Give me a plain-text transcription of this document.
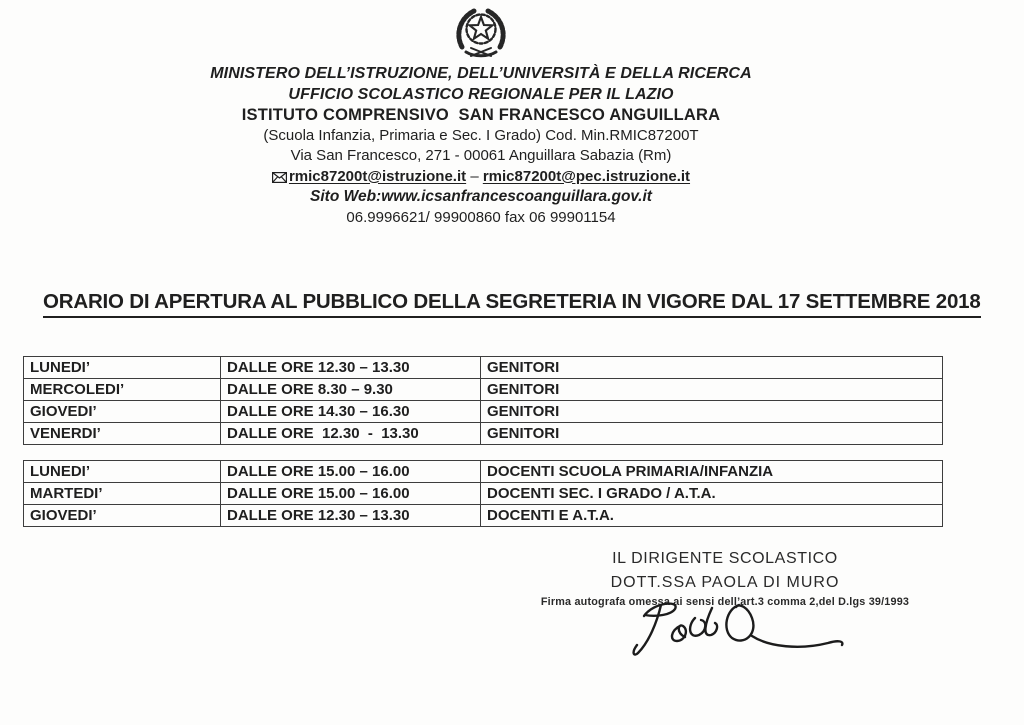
MINISTERO DELL’ISTRUZIONE, DELL’UNIVERSITÀ E DELLA RICERCA
UFFICIO SCOLASTICO REGIONALE PER IL LAZIO
ISTITUTO COMPRENSIVO  SAN FRANCESCO ANGUILLARA
(Scuola Infanzia, Primaria e Sec. I Grado) Cod. Min.RMIC87200T
Via San Francesco, 271 - 00061 Anguillara Sabazia (Rm)
rmic87200t@istruzione.it – rmic87200t@pec.istruzione.it
Sito Web:www.icsanfrancescoanguillara.gov.it
06.9996621/ 99900860 fax 06 99901154
ORARIO DI APERTURA AL PUBBLICO DELLA SEGRETERIA IN VIGORE DAL 17 SETTEMBRE 2018
LUNEDI’	DALLE ORE 12.30 – 13.30	GENITORI
MERCOLEDI’	DALLE ORE 8.30 – 9.30	GENITORI
GIOVEDI’	DALLE ORE 14.30 – 16.30	GENITORI
VENERDI’	DALLE ORE  12.30  -  13.30	GENITORI
LUNEDI’	DALLE ORE 15.00 – 16.00	DOCENTI SCUOLA PRIMARIA/INFANZIA
MARTEDI’	DALLE ORE 15.00 – 16.00	DOCENTI SEC. I GRADO / A.T.A.
GIOVEDI’	DALLE ORE 12.30 – 13.30	DOCENTI E A.T.A.
IL DIRIGENTE SCOLASTICO
DOTT.SSA PAOLA DI MURO
Firma autografa omessa ai sensi dell’art.3 comma 2,del D.lgs 39/1993
